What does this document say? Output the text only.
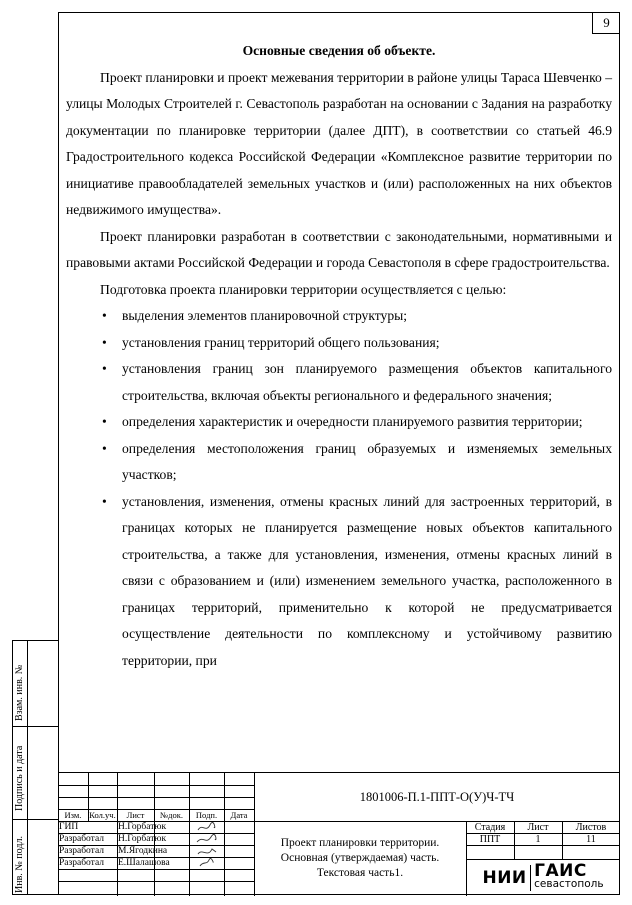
9

Основные сведения об объекте.

Проект планировки и проект межевания территории в районе улицы Тараса Шевченко – улицы Молодых Строителей г. Севастополь разработан на основании с Задания на разработку документации по планировке территории (далее ДПТ), в соответствии со статьей 46.9 Градостроительного кодекса Российской Федерации «Комплексное развитие территории по инициативе правообладателей земельных участков и (или) расположенных на них объектов недвижимого имущества».

Проект планировки разработан в соответствии с законодательными, нормативными и правовыми актами Российской Федерации и города Севастополя в сфере градостроительства.

Подготовка проекта планировки территории осуществляется с целью:

• выделения элементов планировочной структуры;
• установления границ территорий общего пользования;
• установления границ зон планируемого размещения объектов капитального строительства, включая объекты регионального и федерального значения;
• определения характеристик и очередности планируемого развития территории;
• определения местоположения границ образуемых и изменяемых земельных участков;
• установления, изменения, отмены красных линий для застроенных территорий, в границах которых не планируется размещение новых объектов капитального строительства, а также для установления, изменения, отмены красных линий в связи с образованием и (или) изменением земельного участка, расположенного в границах территорий, применительно к которой не предусматривается осуществление деятельности по комплексному и устойчивому развитию территории, при
Изм. Кол.уч.	Лист	№док.	Подп.	Дата
ГИП	Н.Горбатюк
Разработал	Н.Горбатюк
Разработал	М.Ягодкина
Разработал	Е.Шалашова
1801006-П.1-ППТ-О(У)Ч-ТЧ
Проект планировки территории.
Основная (утверждаемая) часть.
Текстовая часть1.
Стадия	Лист	Листов
ППТ	1	11
НИИ ГАИС
севастополь
Взам. инв. №
Подпись и дата
Инв. № подл.
